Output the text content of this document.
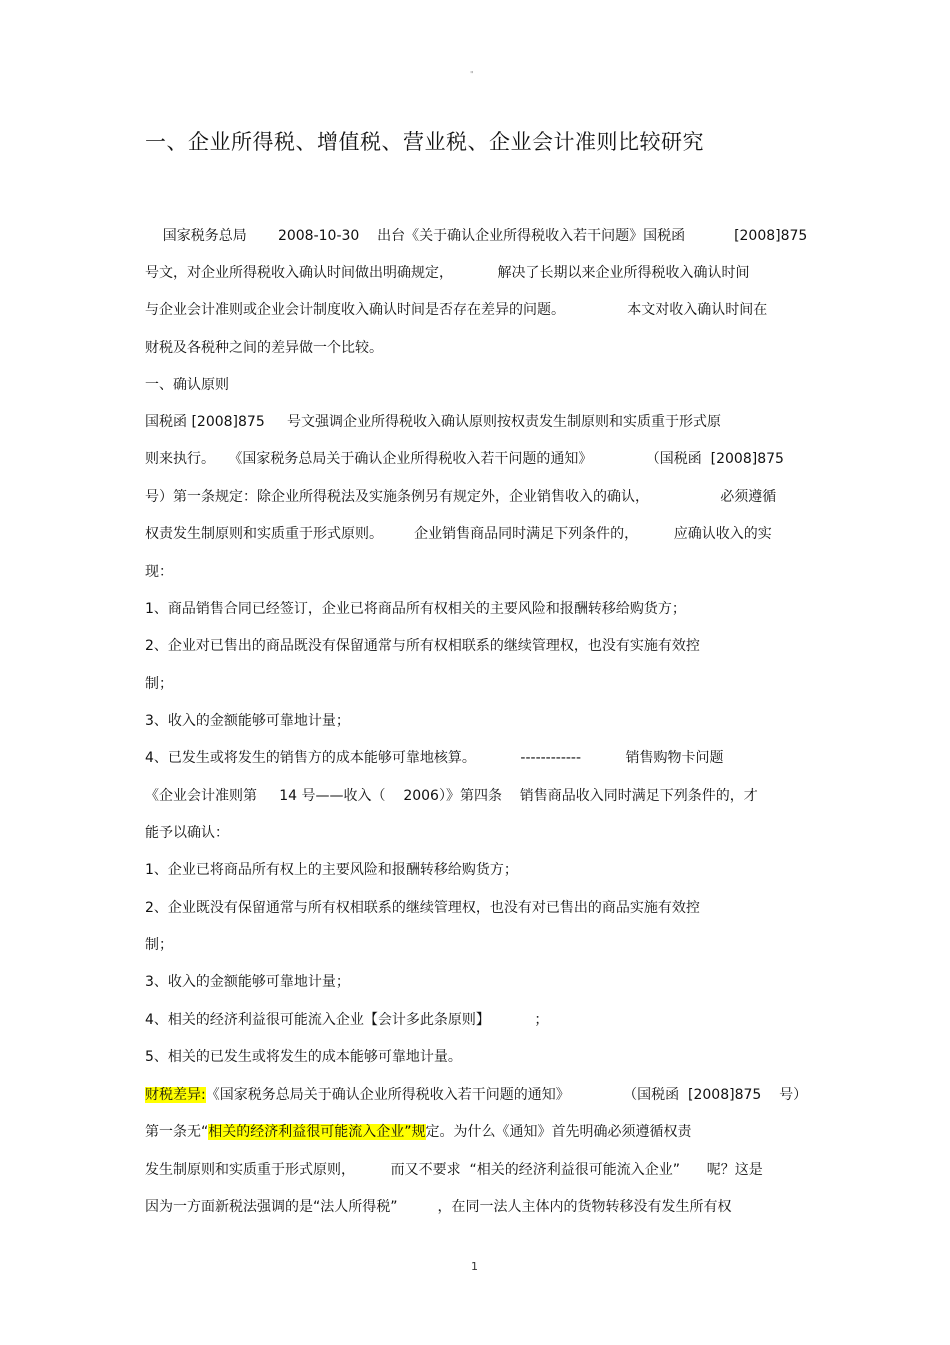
"
一、企业所得税、增值税、营业税、企业会计准则比较研究
国家税务总局       2008-10-30    出台《关于确认企业所得税收入若干问题》国税函           [2008]875
号文，对企业所得税收入确认时间做出明确规定，          解决了长期以来企业所得税收入确认时间
与企业会计准则或企业会计制度收入确认时间是否存在差异的问题。              本文对收入确认时间在
财税及各税种之间的差异做一个比较。
一、确认原则
国税函 [2008]875     号文强调企业所得税收入确认原则按权责发生制原则和实质重于形式原
则来执行。   《国家税务总局关于确认企业所得税收入若干问题的通知》            （国税函  [2008]875
号）第一条规定：除企业所得税法及实施条例另有规定外，企业销售收入的确认，                必须遵循
权责发生制原则和实质重于形式原则。       企业销售商品同时满足下列条件的，        应确认收入的实
现：
1、商品销售合同已经签订，企业已将商品所有权相关的主要风险和报酬转移给购货方；
2、企业对已售出的商品既没有保留通常与所有权相联系的继续管理权，也没有实施有效控
制；
3、收入的金额能够可靠地计量；
4、已发生或将发生的销售方的成本能够可靠地核算。          ------------          销售购物卡问题
《企业会计准则第     14 号——收入（    2006）》第四条    销售商品收入同时满足下列条件的，才
能予以确认：
1、企业已将商品所有权上的主要风险和报酬转移给购货方；
2、企业既没有保留通常与所有权相联系的继续管理权，也没有对已售出的商品实施有效控
制；
3、收入的金额能够可靠地计量；
4、相关的经济利益很可能流入企业【会计多此条原则】          ；
5、相关的已发生或将发生的成本能够可靠地计量。
财税差异:《国家税务总局关于确认企业所得税收入若干问题的通知》            （国税函  [2008]875    号）
第一条无“相关的经济利益很可能流入企业”规定。为什么《通知》首先明确必须遵循权责
发生制原则和实质重于形式原则，        而又不要求  “相关的经济利益很可能流入企业”      呢？这是
因为一方面新税法强调的是“法人所得税”         ，在同一法人主体内的货物转移没有发生所有权
1
